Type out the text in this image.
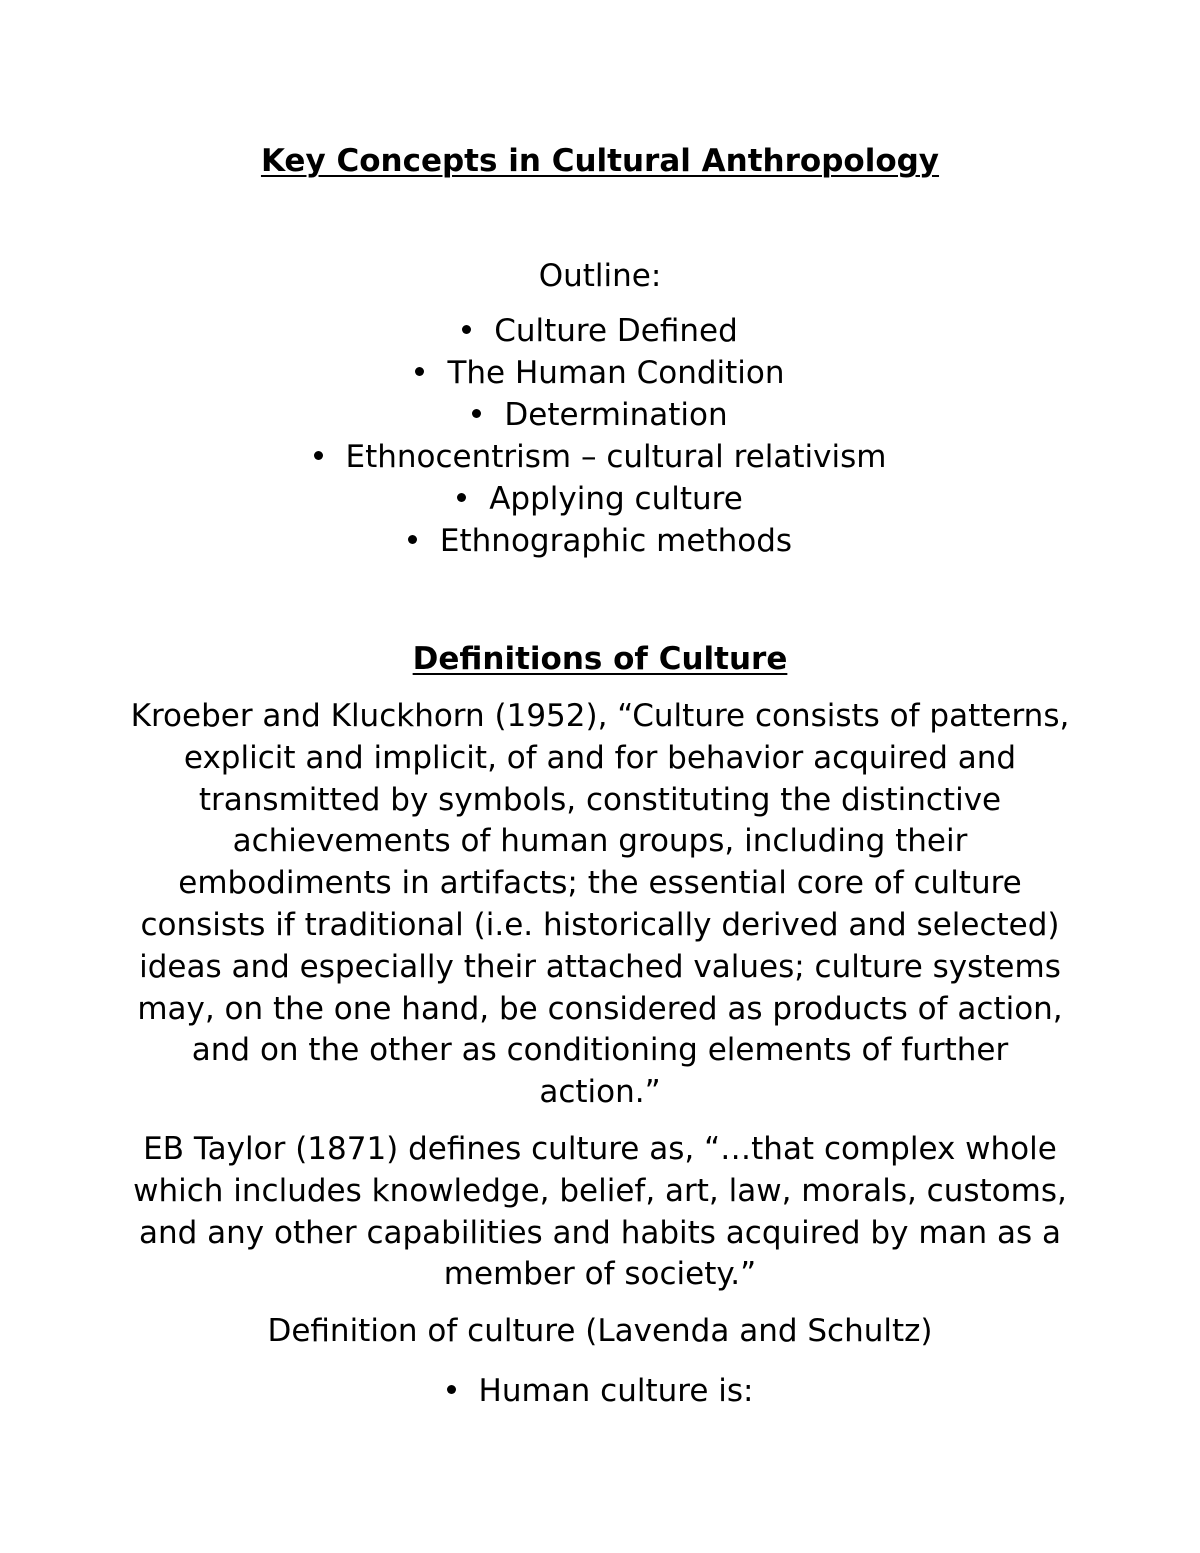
Key Concepts in Cultural Anthropology

Outline:

Culture Defined
The Human Condition
Determination
Ethnocentrism – cultural relativism
Applying culture
Ethnographic methods
Definitions of Culture

Kroeber and Kluckhorn (1952), “Culture consists of patterns, explicit and implicit, of and for behavior acquired and transmitted by symbols, constituting the distinctive achievements of human groups, including their embodiments in artifacts; the essential core of culture consists if traditional (i.e. historically derived and selected) ideas and especially their attached values; culture systems may, on the one hand, be considered as products of action, and on the other as conditioning elements of further action.”

EB Taylor (1871) defines culture as, “…that complex whole which includes knowledge, belief, art, law, morals, customs, and any other capabilities and habits acquired by man as a member of society.”

Definition of culture (Lavenda and Schultz)

Human culture is:
